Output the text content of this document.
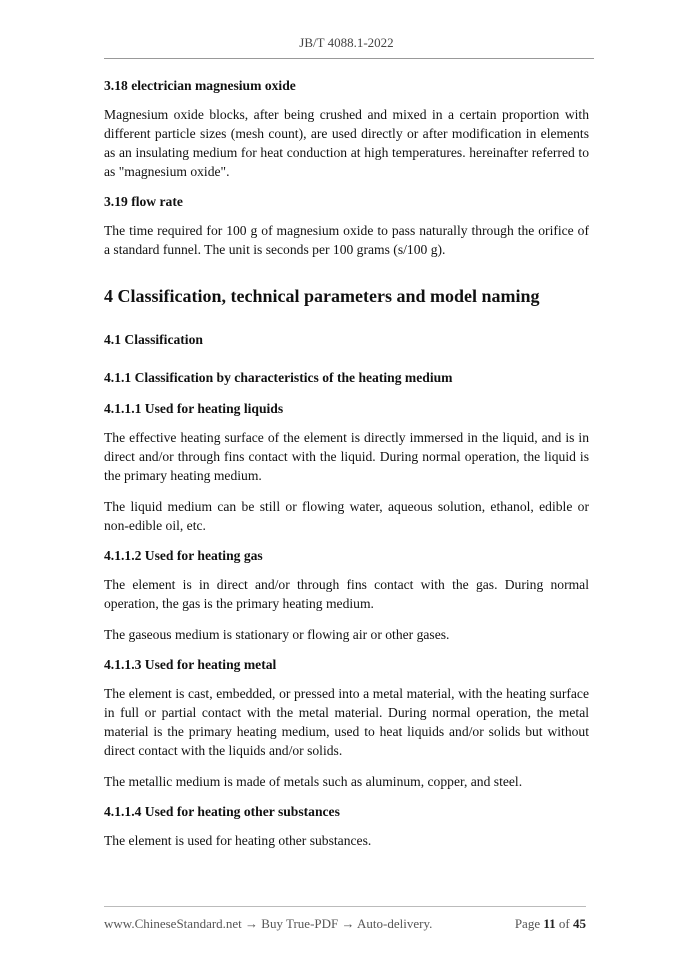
JB/T 4088.1-2022

3.18 electrician magnesium oxide

Magnesium oxide blocks, after being crushed and mixed in a certain proportion with different particle sizes (mesh count), are used directly or after modification in elements as an insulating medium for heat conduction at high temperatures. hereinafter referred to as "magnesium oxide".

3.19 flow rate

The time required for 100 g of magnesium oxide to pass naturally through the orifice of a standard funnel. The unit is seconds per 100 grams (s/100 g).

4 Classification, technical parameters and model naming

4.1 Classification

4.1.1 Classification by characteristics of the heating medium

4.1.1.1 Used for heating liquids

The effective heating surface of the element is directly immersed in the liquid, and is in direct and/or through fins contact with the liquid. During normal operation, the liquid is the primary heating medium.

The liquid medium can be still or flowing water, aqueous solution, ethanol, edible or non-edible oil, etc.

4.1.1.2 Used for heating gas

The element is in direct and/or through fins contact with the gas. During normal operation, the gas is the primary heating medium.

The gaseous medium is stationary or flowing air or other gases.

4.1.1.3 Used for heating metal

The element is cast, embedded, or pressed into a metal material, with the heating surface in full or partial contact with the metal material. During normal operation, the metal material is the primary heating medium, used to heat liquids and/or solids but without direct contact with the liquids and/or solids.

The metallic medium is made of metals such as aluminum, copper, and steel.

4.1.1.4 Used for heating other substances

The element is used for heating other substances.

www.ChineseStandard.net → Buy True-PDF → Auto-delivery.	Page 11 of 45
